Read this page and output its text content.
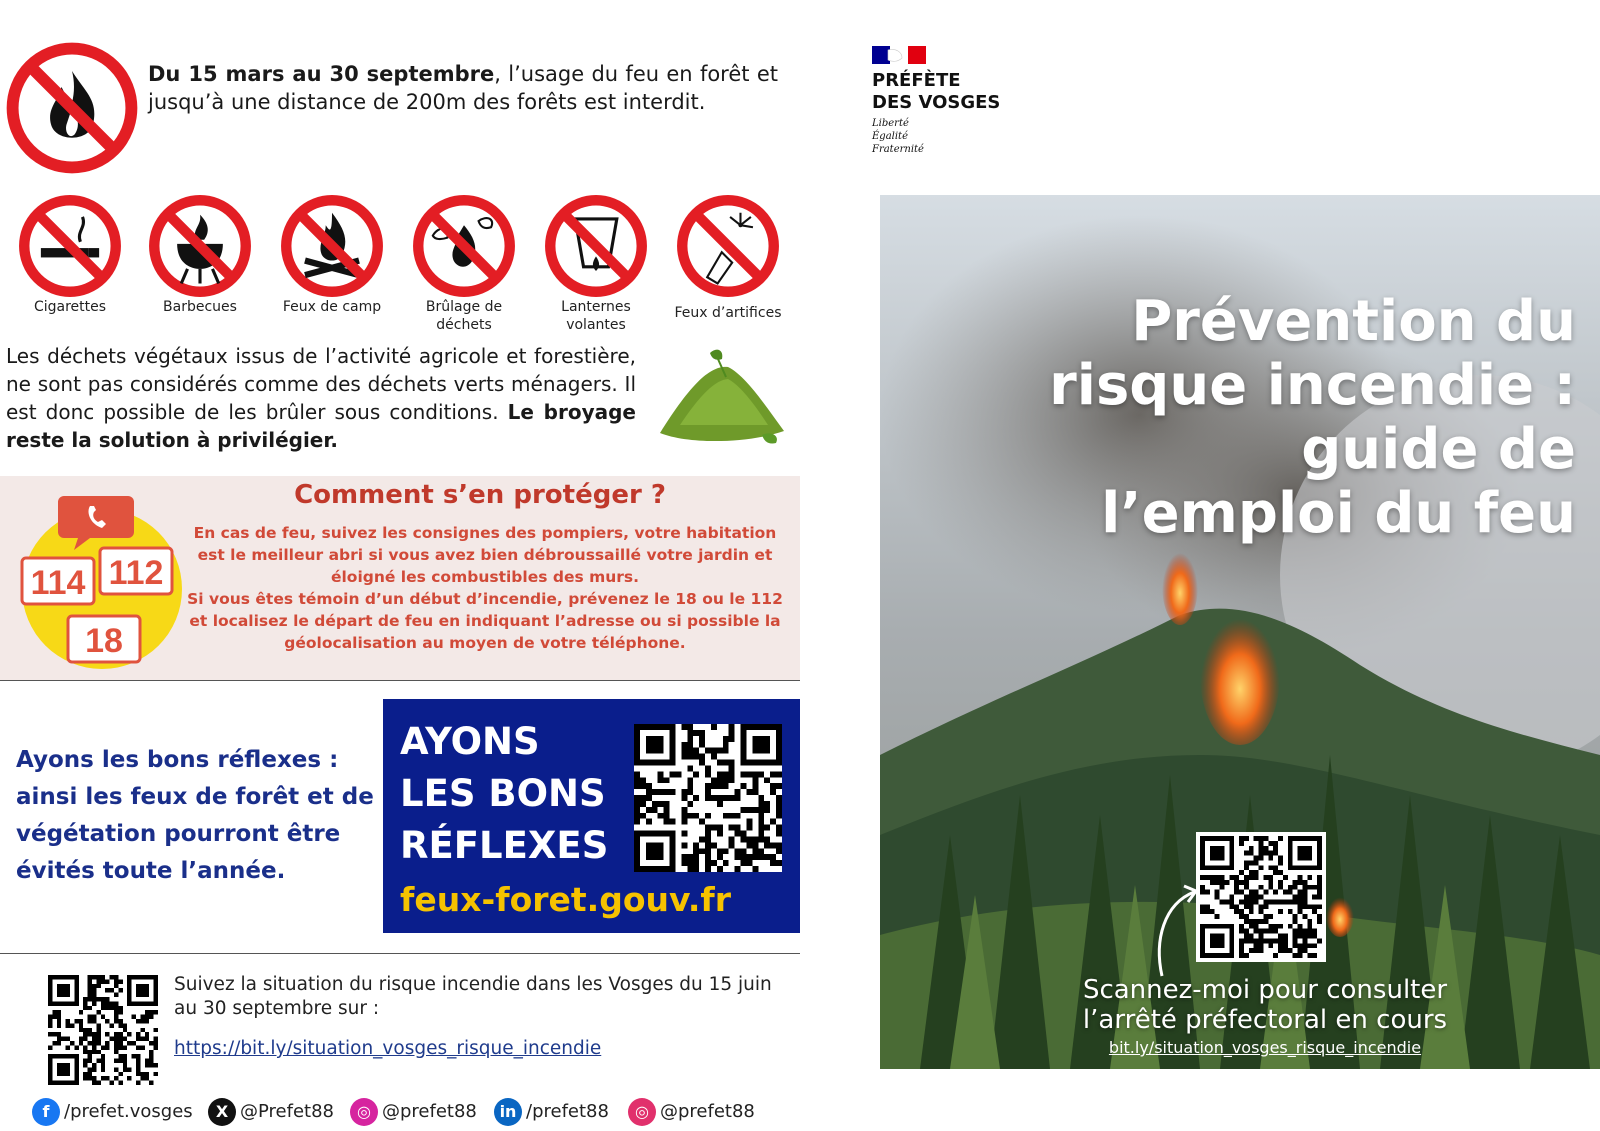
Du 15 mars au 30 septembre, l’usage du feu en forêt et jusqu’à une distance de 200m des forêts est interdit.
Cigarettes	Barbecues	Feux de camp	Brûlage de déchets
Lanternes volantes
Feux d’artifices
Les déchets végétaux issus de l’activité agricole et forestière, ne sont pas considérés comme des déchets verts ménagers. Il est donc possible de les brûler sous conditions. Le broyage reste la solution à privilégier.
114 112
18
Comment s’en protéger ?
En cas de feu, suivez les consignes des pompiers, votre habitation est le meilleur abri si vous avez bien débroussaillé votre jardin et éloigné les combustibles des murs.
Si vous êtes témoin d’un début d’incendie, prévenez le 18 ou le 112 et localisez le départ de feu en indiquant l’adresse ou si possible la géolocalisation au moyen de votre téléphone.
Ayons les bons réflexes : ainsi les feux de forêt et de végétation pourront être évités toute l’année.
AYONS
LES BONS
RÉFLEXES
feux-foret.gouv.fr
Suivez la situation du risque incendie dans les Vosges du 15 juin au 30 septembre sur :
https://bit.ly/situation_vosges_risque_incendie
f /prefet.vosges	X @Prefet88	◎ @prefet88	in /prefet88	◎ @prefet88
PRÉFÈTE
DES VOSGES
Liberté
Égalité
Fraternité
Prévention du
risque incendie :
guide de
l’emploi du feu
Scannez-moi pour consulter l’arrêté préfectoral en cours
bit.ly/situation_vosges_risque_incendie
